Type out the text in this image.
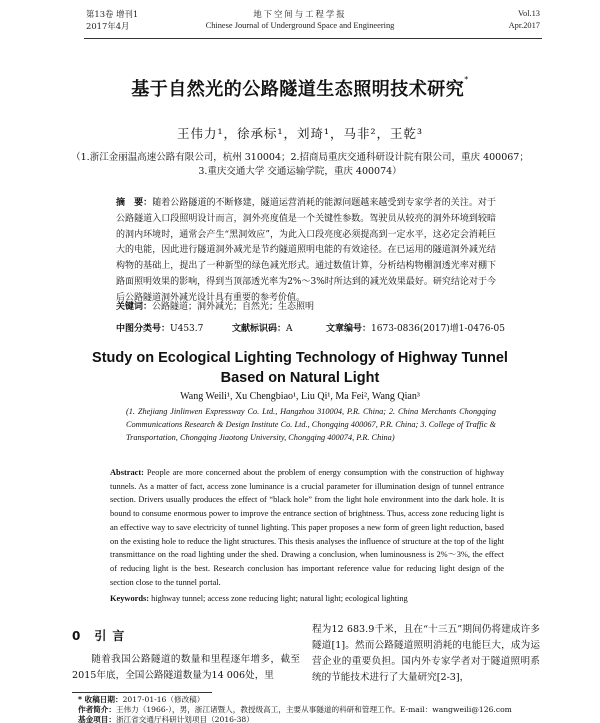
第13卷 增刊1
2017年4月
地下空间与工程学报
Chinese Journal of Underground Space and Engineering
Vol.13
Apr.2017
基于自然光的公路隧道生态照明技术研究*
王伟力¹，徐承标¹，刘琦¹，马非²，王乾³
（1.浙江金丽温高速公路有限公司，杭州 310004；2.招商局重庆交通科研设计院有限公司，重庆 400067；
3.重庆交通大学 交通运输学院，重庆 400074）
摘　要：随着公路隧道的不断修建，隧道运营消耗的能源问题越来越受到专家学者的关注。对于公路隧道入口段照明设计而言，洞外亮度值是一个关键性参数。驾驶员从较亮的洞外环境到较暗的洞内环境时，通常会产生“黑洞效应”，为此入口段亮度必须提高到一定水平，这必定会消耗巨大的电能，因此进行隧道洞外减光是节约隧道照明电能的有效途径。在已运用的隧道洞外减光结构物的基础上，提出了一种新型的绿色减光形式。通过数值计算，分析结构物棚洞透光率对棚下路面照明效果的影响，得到当顶部透光率为2%～3%时所达到的减光效果最好。研究结论对于今后公路隧道洞外减光设计具有重要的参考价值。
关键词：公路隧道；洞外减光；自然光；生态照明
中图分类号：U453.7	文献标识码：A	文章编号：1673-0836(2017)增1-0476-05
Study on Ecological Lighting Technology of Highway Tunnel
Based on Natural Light
Wang Weili¹, Xu Chengbiao¹, Liu Qi¹, Ma Fei², Wang Qian³
(1. Zhejiang Jinlinwen Expressway Co. Ltd., Hangzhou 310004, P.R. China; 2. China Merchants Chongqing Communications Research & Design Institute Co. Ltd., Chongqing 400067, P.R. China; 3. College of Traffic & Transportation, Chongqing Jiaotong University, Chongqing 400074, P.R. China)
Abstract: People are more concerned about the problem of energy consumption with the construction of highway tunnels. As a matter of fact, access zone luminance is a crucial parameter for illumination design of tunnel entrance section. Drivers usually produces the effect of “black hole” from the light hole environment into the dark hole. It is bound to consume enormous power to improve the entrance section of brightness. Thus, access zone reducing light is an effective way to save electricity of tunnel lighting. This paper proposes a new form of green light reduction, based on the existing hole to reduce the light structures. This thesis analyses the influence of structure at the top of the light transmittance on the road lighting under the shed. Drawing a conclusion, when luminousness is 2%～3%, the effect of reducing light is the best. Research conclusion has important reference value for reducing light design of the section close to the tunnel portal.
Keywords: highway tunnel; access zone reducing light; natural light; ecological lighting
0 引言
随着我国公路隧道的数量和里程逐年增多，截至2015年底，全国公路隧道数量为14 006处，里
程为12 683.9千米，且在“十三五”期间仍将建成许多隧道[1]。然而公路隧道照明消耗的电能巨大，成为运营企业的重要负担。国内外专家学者对于隧道照明系统的节能技术进行了大量研究[2-3]，
* 收稿日期：2017-01-16（修改稿）
作者简介：王伟力（1966-），男，浙江诸暨人，教授级高工，主要从事隧道的科研和管理工作。E-mail：wangweili@126.com
基金项目：浙江省交通厅科研计划项目（2016-38）
